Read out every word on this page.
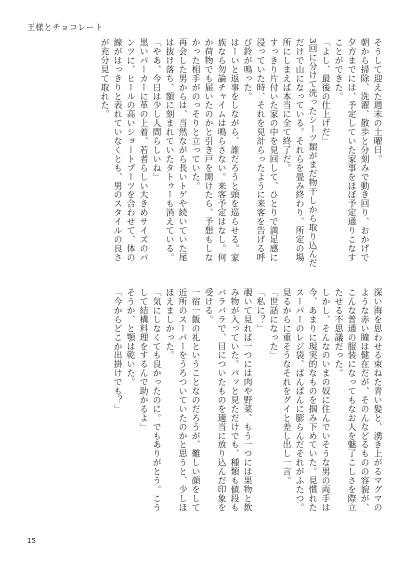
王様とチョコレート

そうして迎えた週末の土曜日。

朝から掃除、洗濯、散歩と分刻みで動き回り、おかげで夕方までには、予定していた家事をほぼ予定通りこなすことができた。

「よし、最後の仕上げだ」

3回に分けて洗ったシーツ類がまだ物干しから取り込んだだけで山になっている。それらを畳み終わり、所定の場所にしまえば本当に全て終了だ。

すっきり片付いた家の中を見回して、ひとりで満足感に浸っていた時、それを見計らったように来客を告げる呼び鈴が鳴った。

はーいと返事をしながら、誰だろうと頭を巡らせる。家族なら勿論チャイムは鳴らさない。来客予定はなし。何か荷物でも届いたのかと引き戸を開けたら、予想もしなかった相手がのっそりと立っていた。

再会した男からは、当然ながら長いトゲや続いていた尾は抜け落ち、額に刻まれていたタトゥーも消えている。

「やあ、今日は少し人間らしいね」

黒いパーカーに革の上着、若者らしい大きめサイズのパンツに、ヒールの高いショートブーツを合わせて、体の線がはっきりと表れていなくとも、男のスタイルの良さが充分見て取れた。

深い海を思わせる束ねた青い髪と、湧き上がるマグマのような赤い瞳は健在だが、そのんなどるものの容貌が、こんな普通の服装になってもなお人を魅了こしさを際立たせる不思議だった。

しかし、そんなのいまの奴に住んでいそうな男の両手は今、あまりに現実的なものを掴み下めていた。見慣れたスーパーのレジ袋、ぱんぱんに膨らんだそれがふたつ。

見るからに重そうなそれをグイと差し出し一言。

「世話になった」

「私に？」

覗いて見れば一つには肉や野菜、もう一つには果物と飲み物が入っていた。パッと見ただけでも、種類も値段もバラバラで、目についたものを適当に放り込んだ印象を受ける。

一宿一飯の礼ということなのだろうが、難しい顔をして近所のスーパーをうろついていたのかと思うと、少しほほえましかった。

「気にしなくても良かったのに。でもありがとう。こうして結構料理をするんで助かるよ」

そうか、と顎は乾いた。

「今からどこか出掛けでも？」

15
